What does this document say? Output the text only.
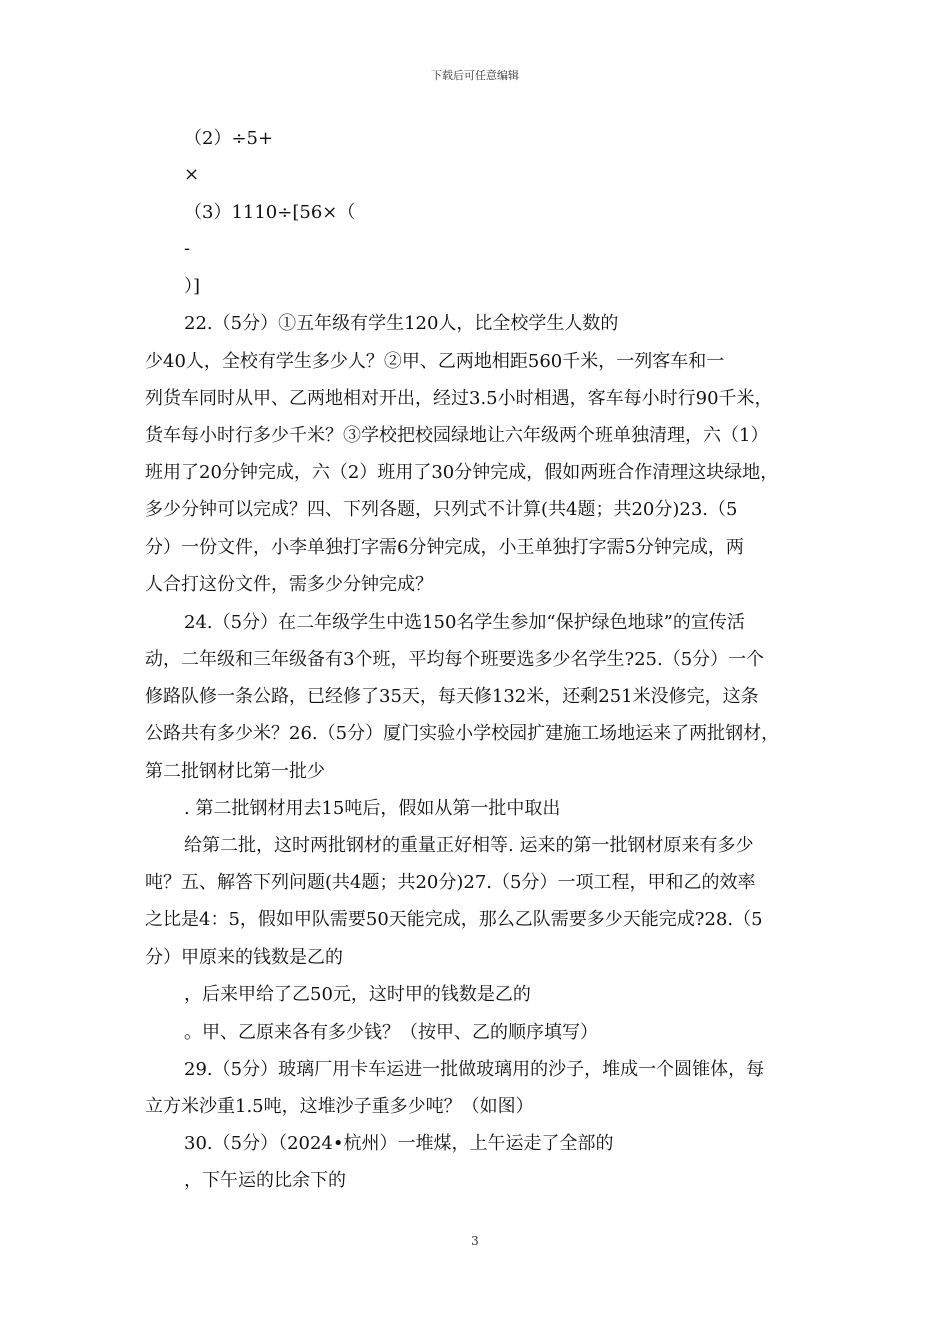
下载后可任意编辑
（2）÷5+
×
（3）1110÷[56×（
-
）]
22.（5分）①五年级有学生120人，比全校学生人数的
少40人，全校有学生多少人？②甲、乙两地相距560千米，一列客车和一
列货车同时从甲、乙两地相对开出，经过3.5小时相遇，客车每小时行90千米，
货车每小时行多少千米？③学校把校园绿地让六年级两个班单独清理，六（1）
班用了20分钟完成，六（2）班用了30分钟完成，假如两班合作清理这块绿地，
多少分钟可以完成？四、下列各题，只列式不计算(共4题；共20分)23.（5
分）一份文件，小李单独打字需6分钟完成，小王单独打字需5分钟完成，两
人合打这份文件，需多少分钟完成？
24.（5分）在二年级学生中选150名学生参加“保护绿色地球”的宣传活
动，二年级和三年级备有3个班，平均每个班要选多少名学生?25.（5分）一个
修路队修一条公路，已经修了35天，每天修132米，还剩251米没修完，这条
公路共有多少米？26.（5分）厦门实验小学校园扩建施工场地运来了两批钢材，
第二批钢材比第一批少
. 第二批钢材用去15吨后，假如从第一批中取出
给第二批，这时两批钢材的重量正好相等. 运来的第一批钢材原来有多少
吨？五、解答下列问题(共4题；共20分)27.（5分）一项工程，甲和乙的效率
之比是4：5，假如甲队需要50天能完成，那么乙队需要多少天能完成?28.（5
分）甲原来的钱数是乙的
，后来甲给了乙50元，这时甲的钱数是乙的
。甲、乙原来各有多少钱？（按甲、乙的顺序填写）
29.（5分）玻璃厂用卡车运进一批做玻璃用的沙子，堆成一个圆锥体，每
立方米沙重1.5吨，这堆沙子重多少吨？（如图）
30.（5分）（2024•杭州）一堆煤，上午运走了全部的
，下午运的比余下的
3
